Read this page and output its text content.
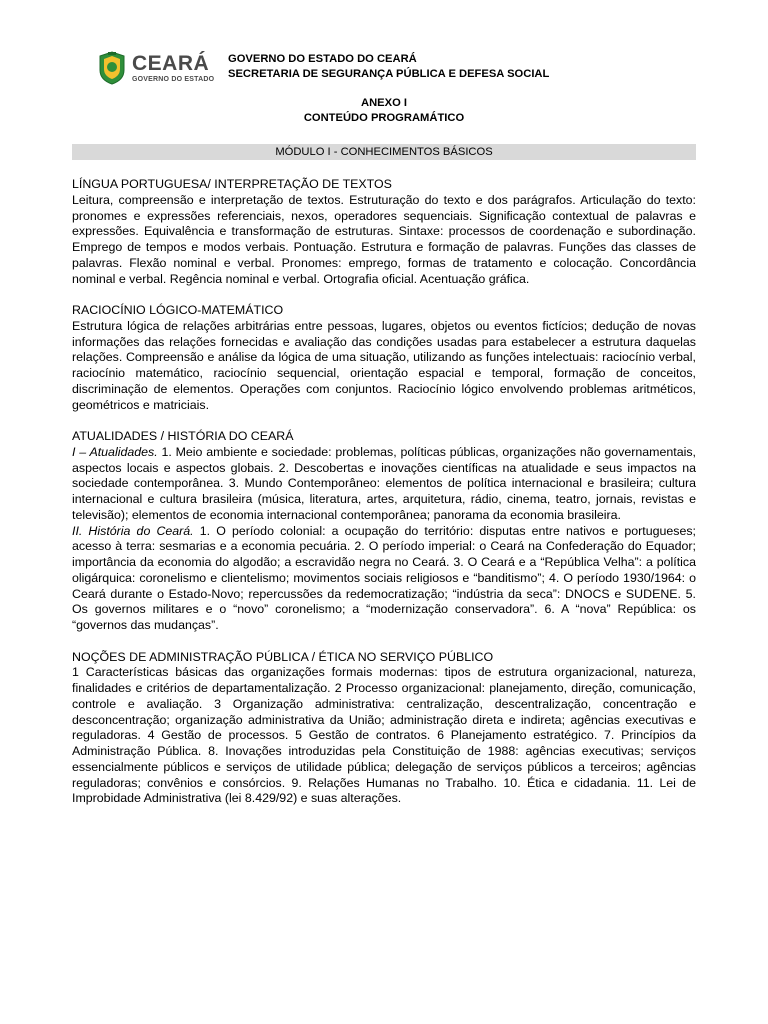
CEARÁ
GOVERNO DO ESTADO
GOVERNO DO ESTADO DO CEARÁ
SECRETARIA DE SEGURANÇA PÚBLICA E DEFESA SOCIAL
ANEXO I
CONTEÚDO PROGRAMÁTICO
MÓDULO I - CONHECIMENTOS BÁSICOS
LÍNGUA PORTUGUESA/ INTERPRETAÇÃO DE TEXTOS

Leitura, compreensão e interpretação de textos. Estruturação do texto e dos parágrafos. Articulação do texto: pronomes e expressões referenciais, nexos, operadores sequenciais. Significação contextual de palavras e expressões. Equivalência e transformação de estruturas. Sintaxe: processos de coordenação e subordinação. Emprego de tempos e modos verbais. Pontuação. Estrutura e formação de palavras. Funções das classes de palavras. Flexão nominal e verbal. Pronomes: emprego, formas de tratamento e colocação. Concordância nominal e verbal. Regência nominal e verbal. Ortografia oficial. Acentuação gráfica.

RACIOCÍNIO LÓGICO-MATEMÁTICO

Estrutura lógica de relações arbitrárias entre pessoas, lugares, objetos ou eventos fictícios; dedução de novas informações das relações fornecidas e avaliação das condições usadas para estabelecer a estrutura daquelas relações. Compreensão e análise da lógica de uma situação, utilizando as funções intelectuais: raciocínio verbal, raciocínio matemático, raciocínio sequencial, orientação espacial e temporal, formação de conceitos, discriminação de elementos. Operações com conjuntos. Raciocínio lógico envolvendo problemas aritméticos, geométricos e matriciais.

ATUALIDADES / HISTÓRIA DO CEARÁ

I – Atualidades. 1. Meio ambiente e sociedade: problemas, políticas públicas, organizações não governamentais, aspectos locais e aspectos globais. 2. Descobertas e inovações científicas na atualidade e seus impactos na sociedade contemporânea. 3. Mundo Contemporâneo: elementos de política internacional e brasileira; cultura internacional e cultura brasileira (música, literatura, artes, arquitetura, rádio, cinema, teatro, jornais, revistas e televisão); elementos de economia internacional contemporânea; panorama da economia brasileira.

II. História do Ceará. 1. O período colonial: a ocupação do território: disputas entre nativos e portugueses; acesso à terra: sesmarias e a economia pecuária. 2. O período imperial: o Ceará na Confederação do Equador; importância da economia do algodão; a escravidão negra no Ceará. 3. O Ceará e a “República Velha”: a política oligárquica: coronelismo e clientelismo; movimentos sociais religiosos e “banditismo”; 4. O período 1930/1964: o Ceará durante o Estado-Novo; repercussões da redemocratização; “indústria da seca”: DNOCS e SUDENE. 5. Os governos militares e o “novo” coronelismo; a “modernização conservadora”. 6. A “nova” República: os “governos das mudanças”.

NOÇÕES DE ADMINISTRAÇÃO PÚBLICA / ÉTICA NO SERVIÇO PÚBLICO

1 Características básicas das organizações formais modernas: tipos de estrutura organizacional, natureza, finalidades e critérios de departamentalização. 2 Processo organizacional: planejamento, direção, comunicação, controle e avaliação. 3 Organização administrativa: centralização, descentralização, concentração e desconcentração; organização administrativa da União; administração direta e indireta; agências executivas e reguladoras. 4 Gestão de processos. 5 Gestão de contratos. 6 Planejamento estratégico. 7. Princípios da Administração Pública. 8. Inovações introduzidas pela Constituição de 1988: agências executivas; serviços essencialmente públicos e serviços de utilidade pública; delegação de serviços públicos a terceiros; agências reguladoras; convênios e consórcios. 9. Relações Humanas no Trabalho. 10. Ética e cidadania. 11. Lei de Improbidade Administrativa (lei 8.429/92) e suas alterações.
